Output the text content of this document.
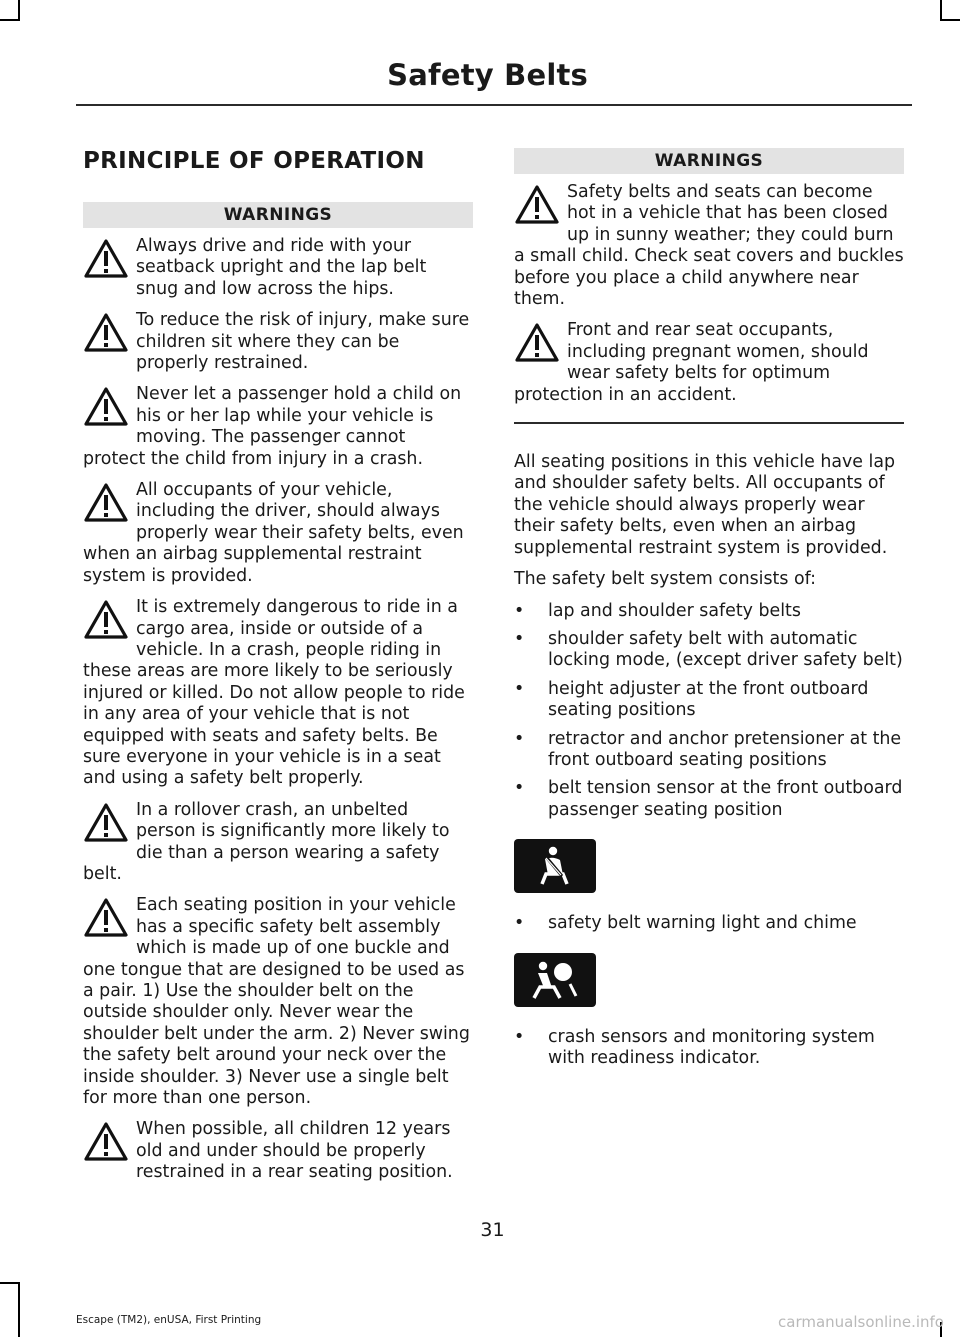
Safety Belts
PRINCIPLE OF OPERATION
WARNINGS
Always drive and ride with your seatback upright and the lap belt snug and low across the hips.
To reduce the risk of injury, make sure children sit where they can be properly restrained.
Never let a passenger hold a child on his or her lap while your vehicle is moving. The passenger cannot protect the child from injury in a crash.
All occupants of your vehicle, including the driver, should always properly wear their safety belts, even when an airbag supplemental restraint system is provided.
It is extremely dangerous to ride in a cargo area, inside or outside of a vehicle. In a crash, people riding in these areas are more likely to be seriously injured or killed. Do not allow people to ride in any area of your vehicle that is not equipped with seats and safety belts. Be sure everyone in your vehicle is in a seat and using a safety belt properly.
In a rollover crash, an unbelted person is significantly more likely to die than a person wearing a safety belt.
Each seating position in your vehicle has a specific safety belt assembly which is made up of one buckle and one tongue that are designed to be used as a pair. 1) Use the shoulder belt on the outside shoulder only. Never wear the shoulder belt under the arm. 2) Never swing the safety belt around your neck over the inside shoulder. 3) Never use a single belt for more than one person.
When possible, all children 12 years old and under should be properly restrained in a rear seating position.
WARNINGS
Safety belts and seats can become hot in a vehicle that has been closed up in sunny weather; they could burn a small child. Check seat covers and buckles before you place a child anywhere near them.
Front and rear seat occupants, including pregnant women, should wear safety belts for optimum protection in an accident.

All seating positions in this vehicle have lap and shoulder safety belts. All occupants of the vehicle should always properly wear their safety belts, even when an airbag supplemental restraint system is provided.

The safety belt system consists of:

• lap and shoulder safety belts
• shoulder safety belt with automatic locking mode, (except driver safety belt)
• height adjuster at the front outboard seating positions
• retractor and anchor pretensioner at the front outboard seating positions
• belt tension sensor at the front outboard passenger seating position
• safety belt warning light and chime
• crash sensors and monitoring system with readiness indicator.
31
Escape (TM2), enUSA, First Printing	carmanualsonline.info
